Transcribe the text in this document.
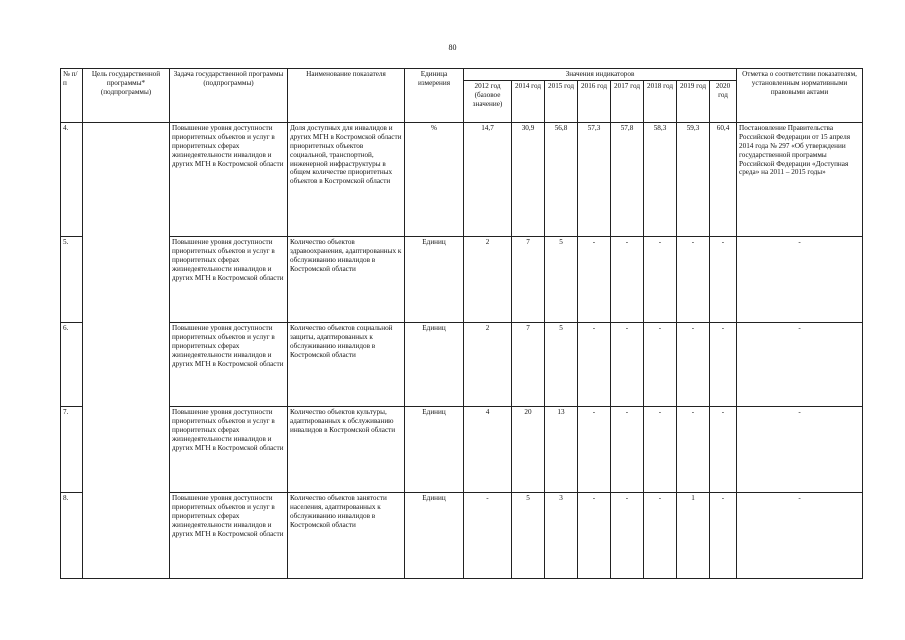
80
№ п/п	Цель государственной программы* (подпрограммы)	Задача государственной программы (подпрограммы)	Наименование показателя	Единица измерения	Значения индикаторов								Отметка о соответствии показателям, установленным нормативными правовыми актами
					2012 год (базовое значение)	2014 год	2015 год	2016 год	2017 год	2018 год	2019 год	2020 год	
4.		Повышение уровня доступности приоритетных объектов и услуг в приоритетных сферах жизнедеятельности инвалидов и других МГН в Костромской области	Доля доступных для инвалидов и других МГН в Костромской области приоритетных объектов социальной, транспортной, инженерной инфраструктуры в общем количестве приоритетных объектов в Костромской области	%	14,7	30,9	56,8	57,3	57,8	58,3	59,3	60,4	Постановление Правительства Российской Федерации от 15 апреля 2014 года № 297 «Об утверждении государственной программы Российской Федерации «Доступная среда» на 2011 – 2015 годы»
5.		Повышение уровня доступности приоритетных объектов и услуг в приоритетных сферах жизнедеятельности инвалидов и других МГН в Костромской области	Количество объектов здравоохранения, адаптированных к обслуживанию инвалидов в Костромской области	Единиц	2	7	5	-	-	-	-	-	-
6.		Повышение уровня доступности приоритетных объектов и услуг в приоритетных сферах жизнедеятельности инвалидов и других МГН в Костромской области	Количество объектов социальной защиты, адаптированных к обслуживанию инвалидов в Костромской области	Единиц	2	7	5	-	-	-	-	-	-
7.		Повышение уровня доступности приоритетных объектов и услуг в приоритетных сферах жизнедеятельности инвалидов и других МГН в Костромской области	Количество объектов культуры, адаптированных к обслуживанию инвалидов в Костромской области	Единиц	4	20	13	-	-	-	-	-	-
8.		Повышение уровня доступности приоритетных объектов и услуг в приоритетных сферах жизнедеятельности инвалидов и других МГН в Костромской области	Количество объектов занятости населения, адаптированных к обслуживанию инвалидов в Костромской области	Единиц	-	5	3	-	-	-	1	-	-
